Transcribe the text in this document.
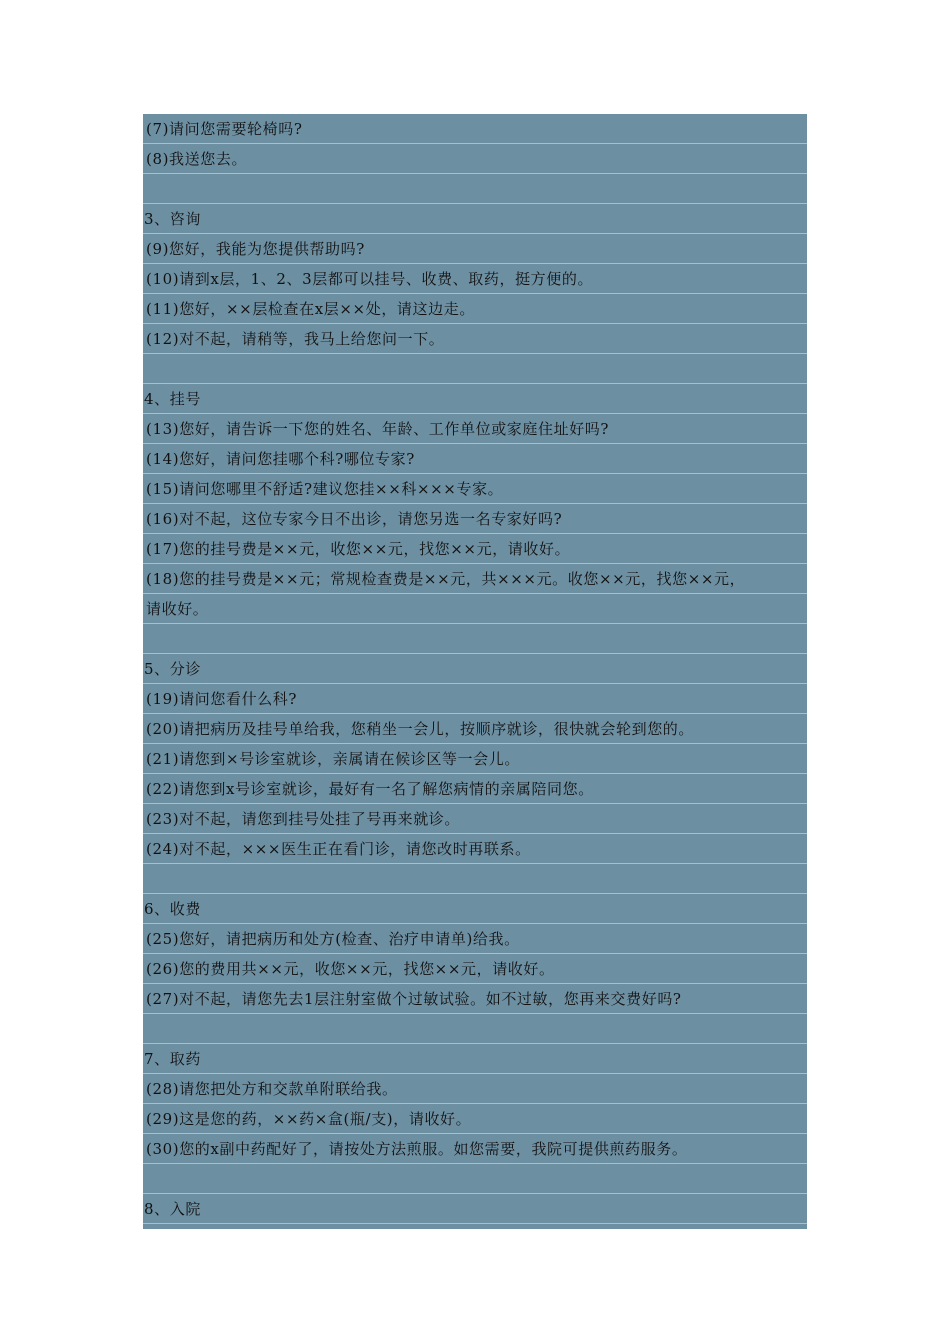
(7)请问您需要轮椅吗?
(8)我送您去。
3、咨询
(9)您好，我能为您提供帮助吗?
(10)请到x层，1、2、3层都可以挂号、收费、取药，挺方便的。
(11)您好，××层检查在x层××处，请这边走。
(12)对不起，请稍等，我马上给您问一下。
4、挂号
(13)您好，请告诉一下您的姓名、年龄、工作单位或家庭住址好吗?
(14)您好，请问您挂哪个科?哪位专家?
(15)请问您哪里不舒适?建议您挂××科×××专家。
(16)对不起，这位专家今日不出诊，请您另选一名专家好吗?
(17)您的挂号费是××元，收您××元，找您××元，请收好。
(18)您的挂号费是××元；常规检查费是××元，共×××元。收您××元，找您××元，
请收好。
5、分诊
(19)请问您看什么科?
(20)请把病历及挂号单给我，您稍坐一会儿，按顺序就诊，很快就会轮到您的。
(21)请您到×号诊室就诊，亲属请在候诊区等一会儿。
(22)请您到x号诊室就诊，最好有一名了解您病情的亲属陪同您。
(23)对不起，请您到挂号处挂了号再来就诊。
(24)对不起，×××医生正在看门诊，请您改时再联系。
6、收费
(25)您好，请把病历和处方(检查、治疗申请单)给我。
(26)您的费用共××元，收您××元，找您××元，请收好。
(27)对不起，请您先去1层注射室做个过敏试验。如不过敏，您再来交费好吗?
7、取药
(28)请您把处方和交款单附联给我。
(29)这是您的药，××药×盒(瓶/支)，请收好。
(30)您的x副中药配好了，请按处方法煎服。如您需要，我院可提供煎药服务。
8、入院
